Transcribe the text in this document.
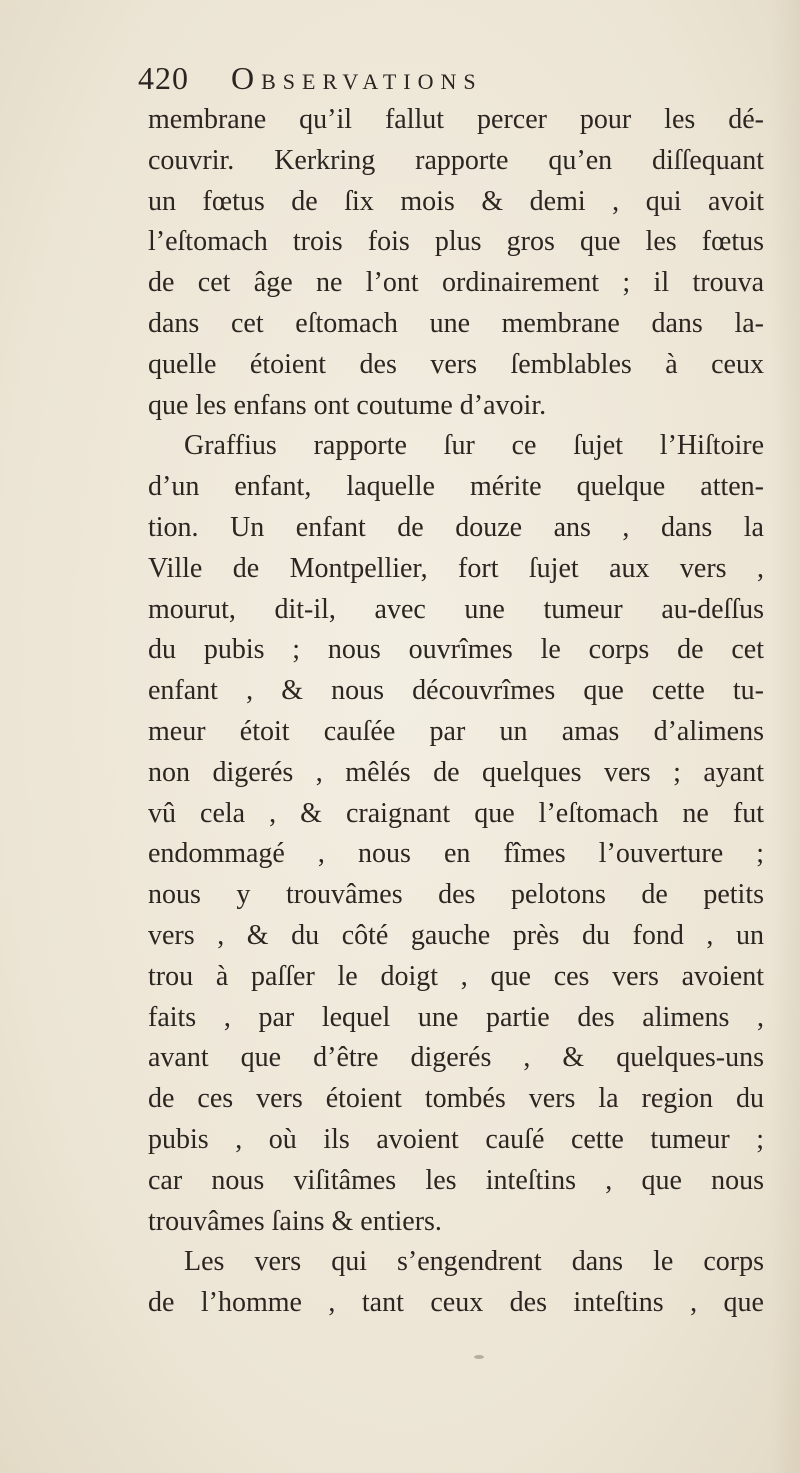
420 Observations
membrane qu’il fallut percer pour les dé-
couvrir. Kerkring rapporte qu’en diſſequant
un fœtus de ſix mois & demi , qui avoit
l’eſtomach trois fois plus gros que les fœtus
de cet âge ne l’ont ordinairement ; il trouva
dans cet eſtomach une membrane dans la-
quelle étoient des vers ſemblables à ceux
que les enfans ont coutume d’avoir.
Graffius rapporte ſur ce ſujet l’Hiſtoire
d’un enfant, laquelle mérite quelque atten-
tion. Un enfant de douze ans , dans la
Ville de Montpellier, fort ſujet aux vers ,
mourut, dit-il, avec une tumeur au-deſſus
du pubis ; nous ouvrîmes le corps de cet
enfant , & nous découvrîmes que cette tu-
meur étoit cauſée par un amas d’alimens
non digerés , mêlés de quelques vers ; ayant
vû cela , & craignant que l’eſtomach ne fut
endommagé , nous en fîmes l’ouverture ;
nous y trouvâmes des pelotons de petits
vers , & du côté gauche près du fond , un
trou à paſſer le doigt , que ces vers avoient
faits , par lequel une partie des alimens ,
avant que d’être digerés , & quelques-uns
de ces vers étoient tombés vers la region du
pubis , où ils avoient cauſé cette tumeur ;
car nous viſitâmes les inteſtins , que nous
trouvâmes ſains & entiers.
Les vers qui s’engendrent dans le corps
de l’homme , tant ceux des inteſtins , que
